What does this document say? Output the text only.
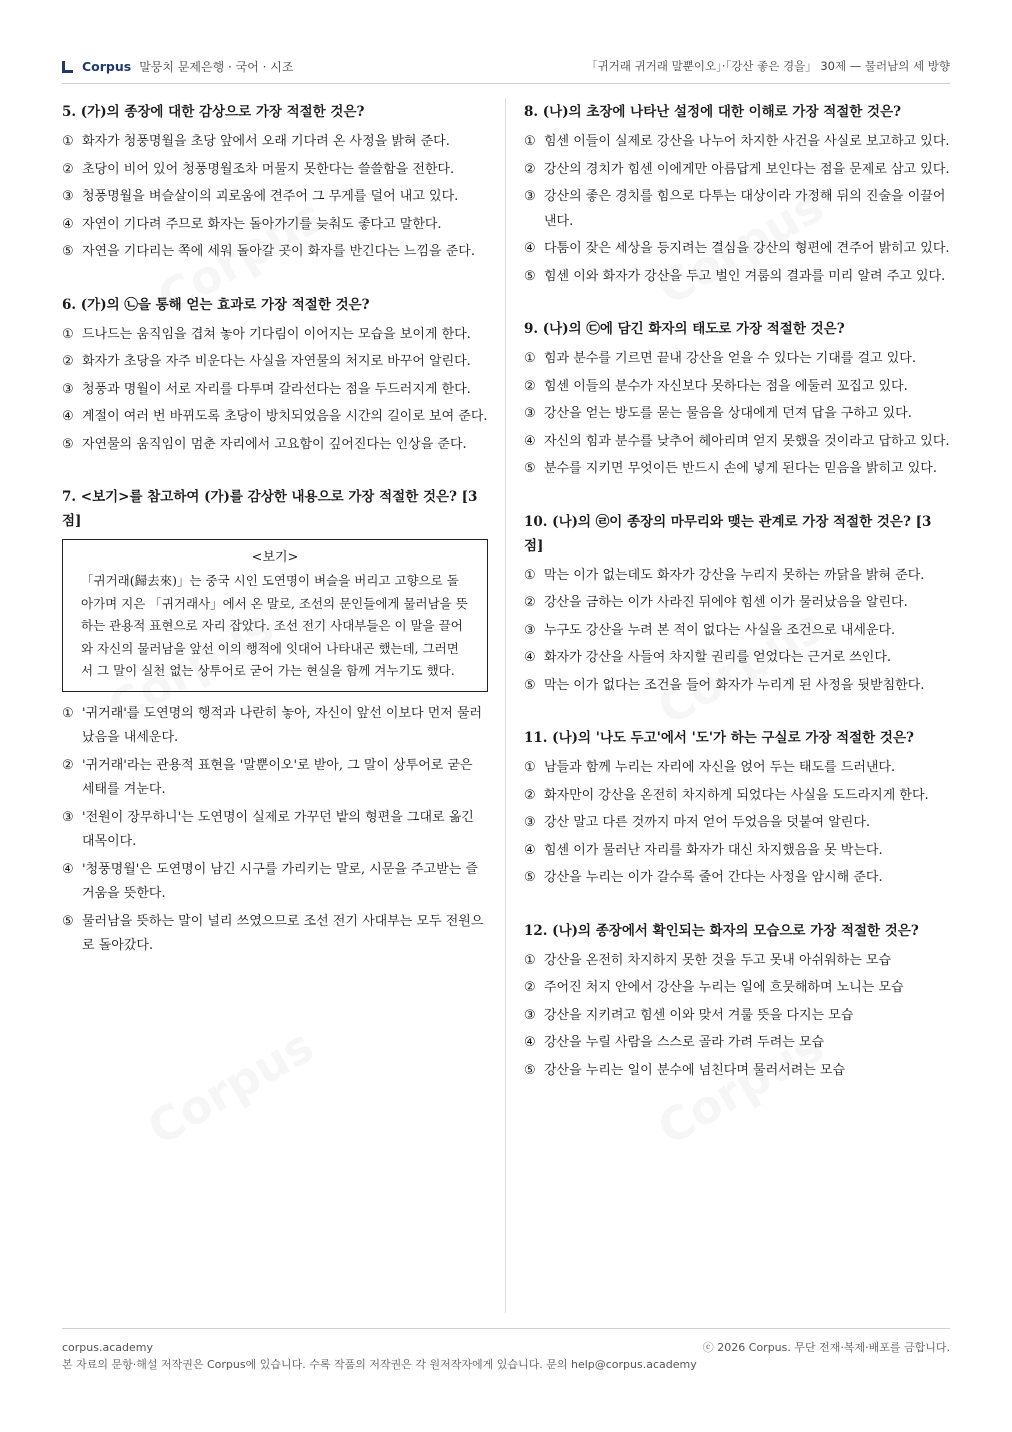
Corpus 말뭉치 문제은행 · 국어 · 시조	「귀거래 귀거래 말뿐이오」·「강산 좋은 경을」 30제 — 물러남의 세 방향
5. (가)의 종장에 대한 감상으로 가장 적절한 것은?
① 화자가 청풍명월을 초당 앞에서 오래 기다려 온 사정을 밝혀 준다.
② 초당이 비어 있어 청풍명월조차 머물지 못한다는 쓸쓸함을 전한다.
③ 청풍명월을 벼슬살이의 괴로움에 견주어 그 무게를 덜어 내고 있다.
④ 자연이 기다려 주므로 화자는 돌아가기를 늦춰도 좋다고 말한다.
⑤ 자연을 기다리는 쪽에 세워 돌아갈 곳이 화자를 반긴다는 느낌을 준다.
6. (가)의 ㉡을 통해 얻는 효과로 가장 적절한 것은?
① 드나드는 움직임을 겹쳐 놓아 기다림이 이어지는 모습을 보이게 한다.
② 화자가 초당을 자주 비운다는 사실을 자연물의 처지로 바꾸어 알린다.
③ 청풍과 명월이 서로 자리를 다투며 갈라선다는 점을 두드러지게 한다.
④ 계절이 여러 번 바뀌도록 초당이 방치되었음을 시간의 길이로 보여 준다.
⑤ 자연물의 움직임이 멈춘 자리에서 고요함이 깊어진다는 인상을 준다.
7. <보기>를 참고하여 (가)를 감상한 내용으로 가장 적절한 것은? [3점]
<보기>
「귀거래(歸去來)」는 중국 시인 도연명이 벼슬을 버리고 고향으로 돌아가며 지은 「귀거래사」에서 온 말로, 조선의 문인들에게 물러남을 뜻하는 관용적 표현으로 자리 잡았다. 조선 전기 사대부들은 이 말을 끌어와 자신의 물러남을 앞선 이의 행적에 잇대어 나타내곤 했는데, 그러면서 그 말이 실천 없는 상투어로 굳어 가는 현실을 함께 겨누기도 했다.
① '귀거래'를 도연명의 행적과 나란히 놓아, 자신이 앞선 이보다 먼저 물러났음을 내세운다.
② '귀거래'라는 관용적 표현을 '말뿐이오'로 받아, 그 말이 상투어로 굳은 세태를 겨눈다.
③ '전원이 장무하니'는 도연명이 실제로 가꾸던 밭의 형편을 그대로 옮긴 대목이다.
④ '청풍명월'은 도연명이 남긴 시구를 가리키는 말로, 시문을 주고받는 즐거움을 뜻한다.
⑤ 물러남을 뜻하는 말이 널리 쓰였으므로 조선 전기 사대부는 모두 전원으로 돌아갔다.
8. (나)의 초장에 나타난 설정에 대한 이해로 가장 적절한 것은?
① 힘센 이들이 실제로 강산을 나누어 차지한 사건을 사실로 보고하고 있다.
② 강산의 경치가 힘센 이에게만 아름답게 보인다는 점을 문제로 삼고 있다.
③ 강산의 좋은 경치를 힘으로 다투는 대상이라 가정해 뒤의 진술을 이끌어 낸다.
④ 다툼이 잦은 세상을 등지려는 결심을 강산의 형편에 견주어 밝히고 있다.
⑤ 힘센 이와 화자가 강산을 두고 벌인 겨룸의 결과를 미리 알려 주고 있다.
9. (나)의 ㉢에 담긴 화자의 태도로 가장 적절한 것은?
① 힘과 분수를 기르면 끝내 강산을 얻을 수 있다는 기대를 걸고 있다.
② 힘센 이들의 분수가 자신보다 못하다는 점을 에둘러 꼬집고 있다.
③ 강산을 얻는 방도를 묻는 물음을 상대에게 던져 답을 구하고 있다.
④ 자신의 힘과 분수를 낮추어 헤아리며 얻지 못했을 것이라고 답하고 있다.
⑤ 분수를 지키면 무엇이든 반드시 손에 넣게 된다는 믿음을 밝히고 있다.
10. (나)의 ㉣이 종장의 마무리와 맺는 관계로 가장 적절한 것은? [3점]
① 막는 이가 없는데도 화자가 강산을 누리지 못하는 까닭을 밝혀 준다.
② 강산을 금하는 이가 사라진 뒤에야 힘센 이가 물러났음을 알린다.
③ 누구도 강산을 누려 본 적이 없다는 사실을 조건으로 내세운다.
④ 화자가 강산을 사들여 차지할 권리를 얻었다는 근거로 쓰인다.
⑤ 막는 이가 없다는 조건을 들어 화자가 누리게 된 사정을 뒷받침한다.
11. (나)의 '나도 두고'에서 '도'가 하는 구실로 가장 적절한 것은?
① 남들과 함께 누리는 자리에 자신을 얹어 두는 태도를 드러낸다.
② 화자만이 강산을 온전히 차지하게 되었다는 사실을 도드라지게 한다.
③ 강산 말고 다른 것까지 마저 얻어 두었음을 덧붙여 알린다.
④ 힘센 이가 물러난 자리를 화자가 대신 차지했음을 못 박는다.
⑤ 강산을 누리는 이가 갈수록 줄어 간다는 사정을 암시해 준다.
12. (나)의 종장에서 확인되는 화자의 모습으로 가장 적절한 것은?
① 강산을 온전히 차지하지 못한 것을 두고 못내 아쉬워하는 모습
② 주어진 처지 안에서 강산을 누리는 일에 흐뭇해하며 노니는 모습
③ 강산을 지키려고 힘센 이와 맞서 겨룰 뜻을 다지는 모습
④ 강산을 누릴 사람을 스스로 골라 가려 두려는 모습
⑤ 강산을 누리는 일이 분수에 넘친다며 물러서려는 모습
corpus.academy	ⓒ 2026 Corpus. 무단 전재·복제·배포를 금합니다.
본 자료의 문항·해설 저작권은 Corpus에 있습니다. 수록 작품의 저작권은 각 원저작자에게 있습니다. 문의 help@corpus.academy
